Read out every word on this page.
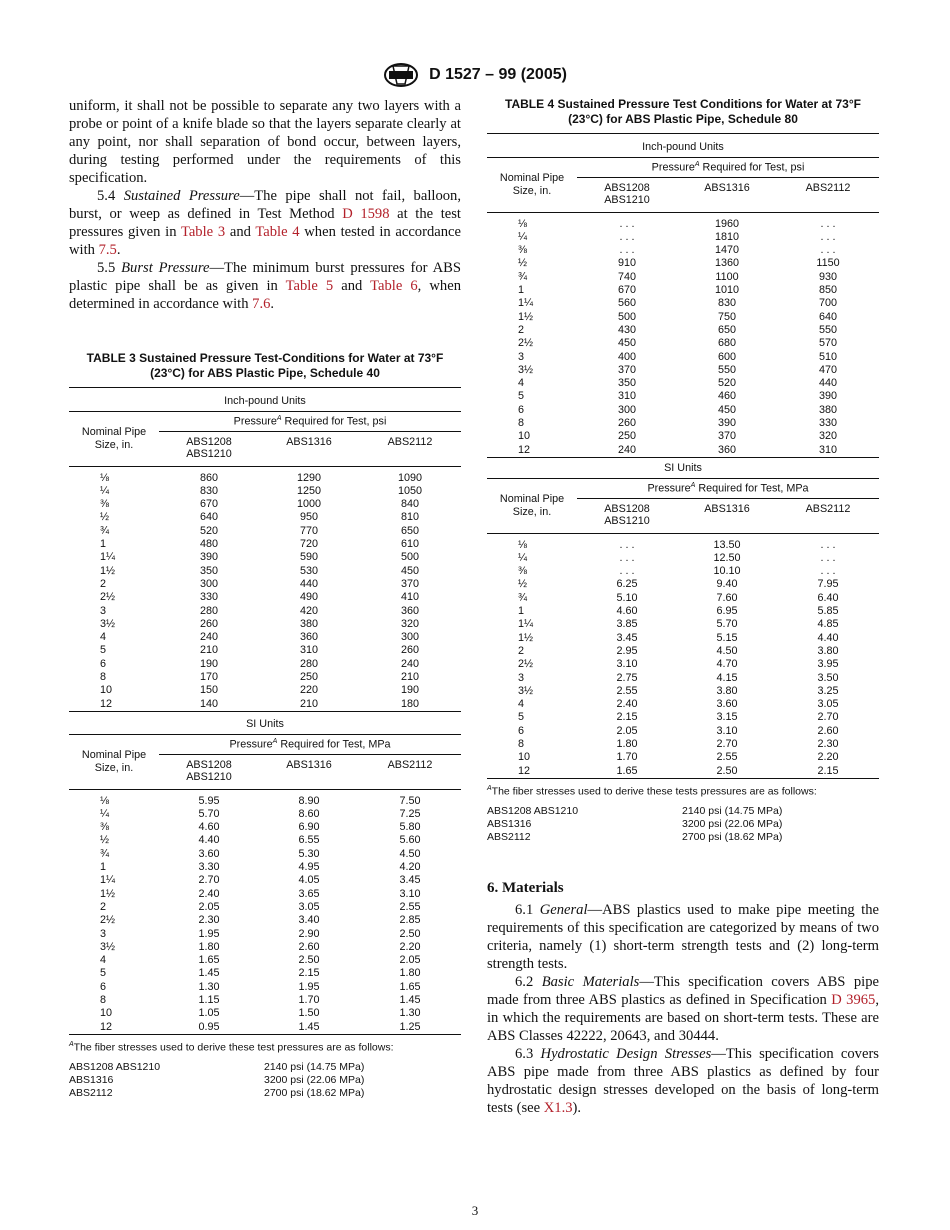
D 1527 – 99 (2005)

uniform, it shall not be possible to separate any two layers with a probe or point of a knife blade so that the layers separate clearly at any point, nor shall separation of bond occur, between layers, during testing performed under the requirements of this specification.

5.4 Sustained Pressure—The pipe shall not fail, balloon, burst, or weep as defined in Test Method D 1598 at the test pressures given in Table 3 and Table 4 when tested in accordance with 7.5.

5.5 Burst Pressure—The minimum burst pressures for ABS plastic pipe shall be as given in Table 5 and Table 6, when determined in accordance with 7.6.

TABLE 3 Sustained Pressure Test-Conditions for Water at 73°F

(23°C) for ABS Plastic Pipe, Schedule 40

Inch-pound Units			
Nominal Pipe
Size, in.	Pressure$^A$ Required for Test, psi		
	ABS1208	ABS1316	ABS2112
	ABS1210		
⅛	860	1290	1090
¼	830	1250	1050
⅜	670	1000	840
½	640	950	810
¾	520	770	650
1	480	720	610
1¼	390	590	500
1½	350	530	450
2	300	440	370
2½	330	490	410
3	280	420	360
3½	260	380	320
4	240	360	300
5	210	310	260
6	190	280	240
8	170	250	210
10	150	220	190
12	140	210	180
SI Units			
Nominal Pipe
Size, in.	Pressure$^A$ Required for Test, MPa		
	ABS1208	ABS1316	ABS2112
	ABS1210		
⅛	5.95	8.90	7.50
¼	5.70	8.60	7.25
⅜	4.60	6.90	5.80
½	4.40	6.55	5.60
¾	3.60	5.30	4.50
1	3.30	4.95	4.20
1¼	2.70	4.05	3.45
1½	2.40	3.65	3.10
2	2.05	3.05	2.55
2½	2.30	3.40	2.85
3	1.95	2.90	2.50
3½	1.80	2.60	2.20
4	1.65	2.50	2.05
5	1.45	2.15	1.80
6	1.30	1.95	1.65
8	1.15	1.70	1.45
10	1.05	1.50	1.30
12	0.95	1.45	1.25

$^A$The fiber stresses used to derive these test pressures are as follows:
ABS1208 ABS1210	2140 psi (14.75 MPa)
ABS1316	3200 psi (22.06 MPa)
ABS2112	2700 psi (18.62 MPa)

TABLE 4 Sustained Pressure Test Conditions for Water at 73°F

(23°C) for ABS Plastic Pipe, Schedule 80

Inch-pound Units			
Nominal Pipe
Size, in.	Pressure$^A$ Required for Test, psi		
	ABS1208	ABS1316	ABS2112
	ABS1210		
⅛	. . .	1960	. . .
¼	. . .	1810	. . .
⅜	. . .	1470	. . .
½	910	1360	1150
¾	740	1100	930
1	670	1010	850
1¼	560	830	700
1½	500	750	640
2	430	650	550
2½	450	680	570
3	400	600	510
3½	370	550	470
4	350	520	440
5	310	460	390
6	300	450	380
8	260	390	330
10	250	370	320
12	240	360	310
SI Units			
Nominal Pipe
Size, in.	Pressure$^A$ Required for Test, MPa		
	ABS1208	ABS1316	ABS2112
	ABS1210		
⅛	. . .	13.50	. . .
¼	. . .	12.50	. . .
⅜	. . .	10.10	. . .
½	6.25	9.40	7.95
¾	5.10	7.60	6.40
1	4.60	6.95	5.85
1¼	3.85	5.70	4.85
1½	3.45	5.15	4.40
2	2.95	4.50	3.80
2½	3.10	4.70	3.95
3	2.75	4.15	3.50
3½	2.55	3.80	3.25
4	2.40	3.60	3.05
5	2.15	3.15	2.70
6	2.05	3.10	2.60
8	1.80	2.70	2.30
10	1.70	2.55	2.20
12	1.65	2.50	2.15

$^A$The fiber stresses used to derive these tests pressures are as follows:
ABS1208 ABS1210	2140 psi (14.75 MPa)
ABS1316	3200 psi (22.06 MPa)
ABS2112	2700 psi (18.62 MPa)
6. Materials

6.1 General—ABS plastics used to make pipe meeting the requirements of this specification are categorized by means of two criteria, namely (1) short-term strength tests and (2) long-term strength tests.

6.2 Basic Materials—This specification covers ABS pipe made from three ABS plastics as defined in Specification D 3965, in which the requirements are based on short-term tests. These are ABS Classes 42222, 20643, and 30444.

6.3 Hydrostatic Design Stresses—This specification covers ABS pipe made from three ABS plastics as defined by four hydrostatic design stresses developed on the basis of long-term tests (see X1.3).

3
